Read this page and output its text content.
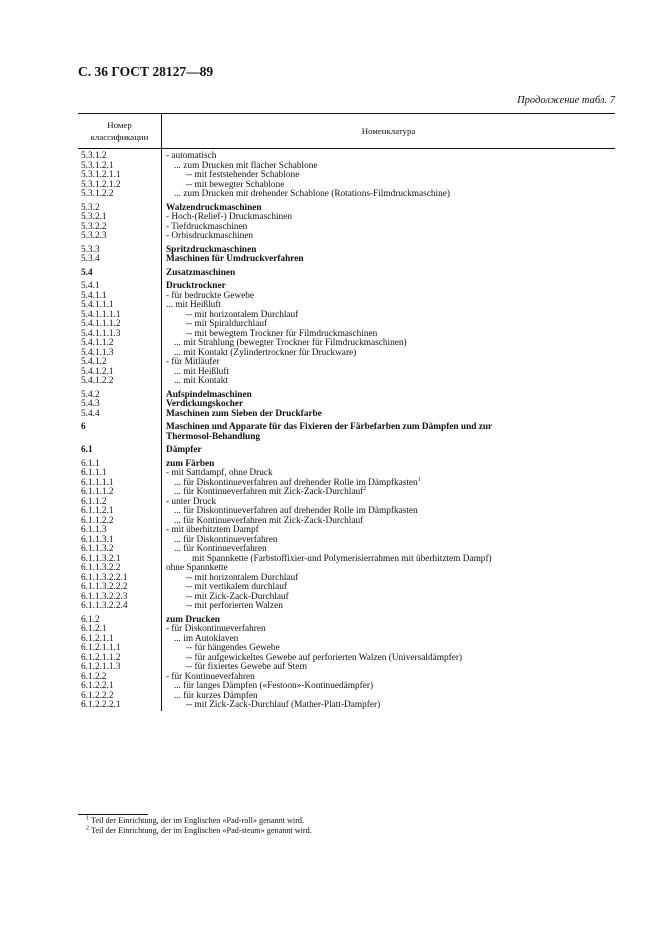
С. 36 ГОСТ 28127—89
Продолжение табл. 7
Номер классификации	Номенклатура
5.3.1.2	- automatisch
5.3.1.2.1	... zum Drucken mit flacher Schablone
5.3.1.2.1.1	-- mit feststehender Schablone
5.3.1.2.1.2	-- mit bewegter Schablone
5.3.1.2.2	... zum Drucken mit drehender Schablone (Rotations-Filmdruckmaschine)

5.3.2	Walzendruckmaschinen
5.3.2.1	- Hoch-(Relief-) Druckmaschinen
5.3.2.2	- Tiefdruckmaschinen
5.3.2.3	- Orbisdruckmaschinen

5.3.3	Spritzdruckmaschinen
5.3.4	Maschinen für Umdruckverfahren

5.4	Zusatzmaschinen

5.4.1	Drucktrockner
5.4.1.1	- für bedruckte Gewebe
5.4.1.1.1	... mit Heißluft
5.4.1.1.1.1	-- mit horizontalem Durchlauf
5.4.1.1.1.2	-- mit Spiraldurchlauf
5.4.1.1.1.3	-- mit bewegtem Trockner für Filmdruckmaschinen
5.4.1.1.2	... mit Strahlung (bewegter Trockner für Filmdruckmaschinen)
5.4.1.1.3	... mit Kontakt (Zylindertrockner für Druckware)
5.4.1.2	- für Mitläufer
5.4.1.2.1	... mit Heißluft
5.4.1.2.2	... mit Kontakt

5.4.2	Aufspindelmaschinen
5.4.3	Verdickungskocher
5.4.4	Maschinen zum Sieben der Druckfarbe

6	Maschinen und Apparate für das Fixieren der Färbefarben zum Dämpfen und zur
	Thermosol-Behandlung

6.1	Dämpfer

6.1.1	zum Färben
6.1.1.1	- mit Sattdampf, ohne Druck
6.1.1.1.1	... für Diskontinueverfahren auf drehender Rolle im Dämpfkasten$^1$
6.1.1.1.2	... für Kontinueverfahren mit Zick-Zack-Durchlauf$^2$
6.1.1.2	- unter Druck
6.1.1.2.1	... für Diskontinueverfahren auf drehender Rolle im Dämpfkasten
6.1.1.2.2	... für Kontinueverfahren mit Zick-Zack-Durchlauf
6.1.1.3	- mit überhitztem Dampf
6.1.1.3.1	... für Diskontinueverfahren
6.1.1.3.2	... für Kontinueverfahren
6.1.1.3.2.1	mit Spannkette (Farbstoffixier-und Polymerisierrahmen mit überhitztem Dampf)
6.1.1.3.2.2	ohne Spannkette
6.1.1.3.2.2.1	-- mit horizontalem Durchlauf
6.1.1.3.2.2.2	-- mit vertikalem durchlauf
6.1.1.3.2.2.3	-- mit Zick-Zack-Durchlauf
6.1.1.3.2.2.4	-- mit perforierten Walzen

6.1.2	zum Drucken
6.1.2.1	- für Diskontinueverfahren
6.1.2.1.1	... im Autoklaven
6.1.2.1.1.1	-- für hängendes Gewebe
6.1.2.1.1.2	-- für aufgewickeltes Gewebe auf perforierten Walzen (Universaldämpfer)
6.1.2.1.1.3	-- für fixiertes Gewebe auf Stern
6.1.2.2	- für Kontinueverfahren
6.1.2.2.1	... für langes Dämpfen («Festoon»-Kontinuedämpfer)
6.1.2.2.2	... für kurzes Dämpfen
6.1.2.2.2.1	-- mit Zick-Zack-Durchlauf (Mather-Platt-Dampfer)
$^1$ Teil der Einrichtung, der im Englischen «Pad-roll» genannt wird.
$^2$ Teil der Einrichtung, der im Englischen «Pad-steam» genannt wird.
